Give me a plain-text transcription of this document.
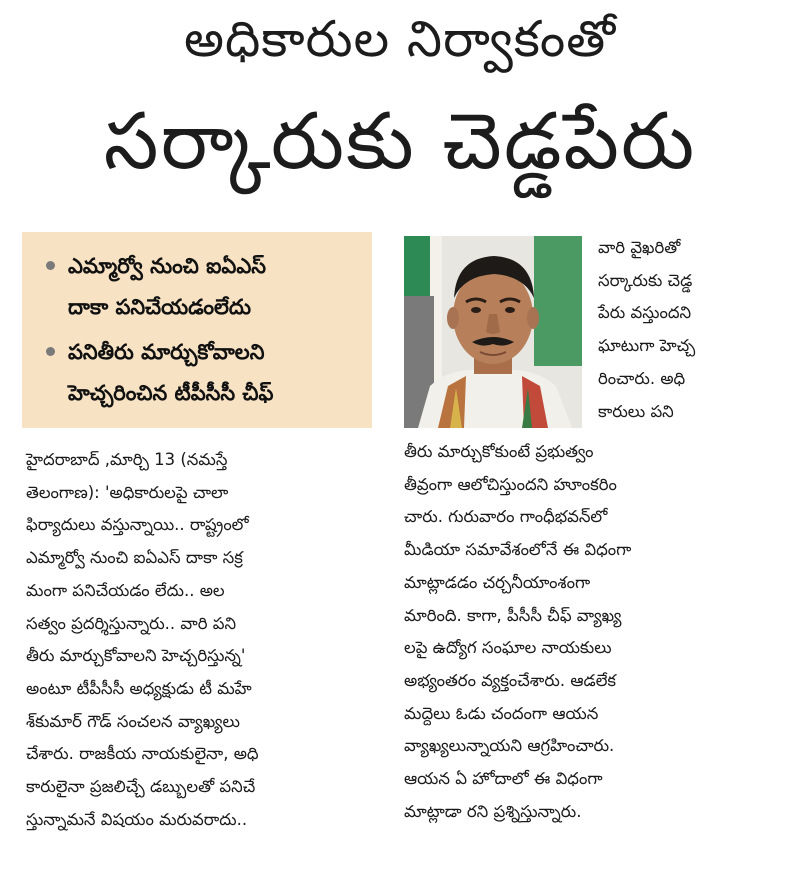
అధికారుల నిర్వాకంతో
సర్కారుకు చెడ్డపేరు
ఎమ్మార్వో నుంచి ఐఏఎస్
దాకా పనిచేయడంలేదు
పనితీరు మార్చుకోవాలని
హెచ్చరించిన టీపీసీసీ చీఫ్
హైదరాబాద్ ,మార్చి 13 (నమస్తే
తెలంగాణ): 'అధికారులపై చాలా
ఫిర్యాదులు వస్తున్నాయి.. రాష్ట్రంలో
ఎమ్మార్వో నుంచి ఐఏఎస్ దాకా సక్ర
మంగా పనిచేయడం లేదు.. అల
సత్వం ప్రదర్శిస్తున్నారు.. వారి పని
తీరు మార్చుకోవాలని హెచ్చరిస్తున్న'
అంటూ టీపీసీసీ అధ్యక్షుడు టీ మహే
శ్‌కుమార్ గౌడ్ సంచలన వ్యాఖ్యలు
చేశారు. రాజకీయ నాయకులైనా, అధి
కారులైనా ప్రజలిచ్చే డబ్బులతో పనిచే
స్తున్నామనే విషయం మరువరాదు..
వారి వైఖరితో
సర్కారుకు చెడ్డ
పేరు వస్తుందని
ఘాటుగా హెచ్చ
రించారు. అధి
కారులు పని
తీరు మార్చుకోకుంటే ప్రభుత్వం
తీవ్రంగా ఆలోచిస్తుందని హూంకరిం
చారు. గురువారం గాంధీభవన్‌లో
మీడియా సమావేశంలోనే ఈ విధంగా
మాట్లాడడం చర్చనీయాంశంగా
మారింది. కాగా, పీసీసీ చీఫ్ వ్యాఖ్య
లపై ఉద్యోగ సంఘాల నాయకులు
అభ్యంతరం వ్యక్తంచేశారు. ఆడలేక
మద్దెలు ఓడు చందంగా ఆయన
వ్యాఖ్యలున్నాయని ఆగ్రహించారు.
ఆయన ఏ హోదాలో ఈ విధంగా
మాట్లాడా రని ప్రశ్నిస్తున్నారు.
